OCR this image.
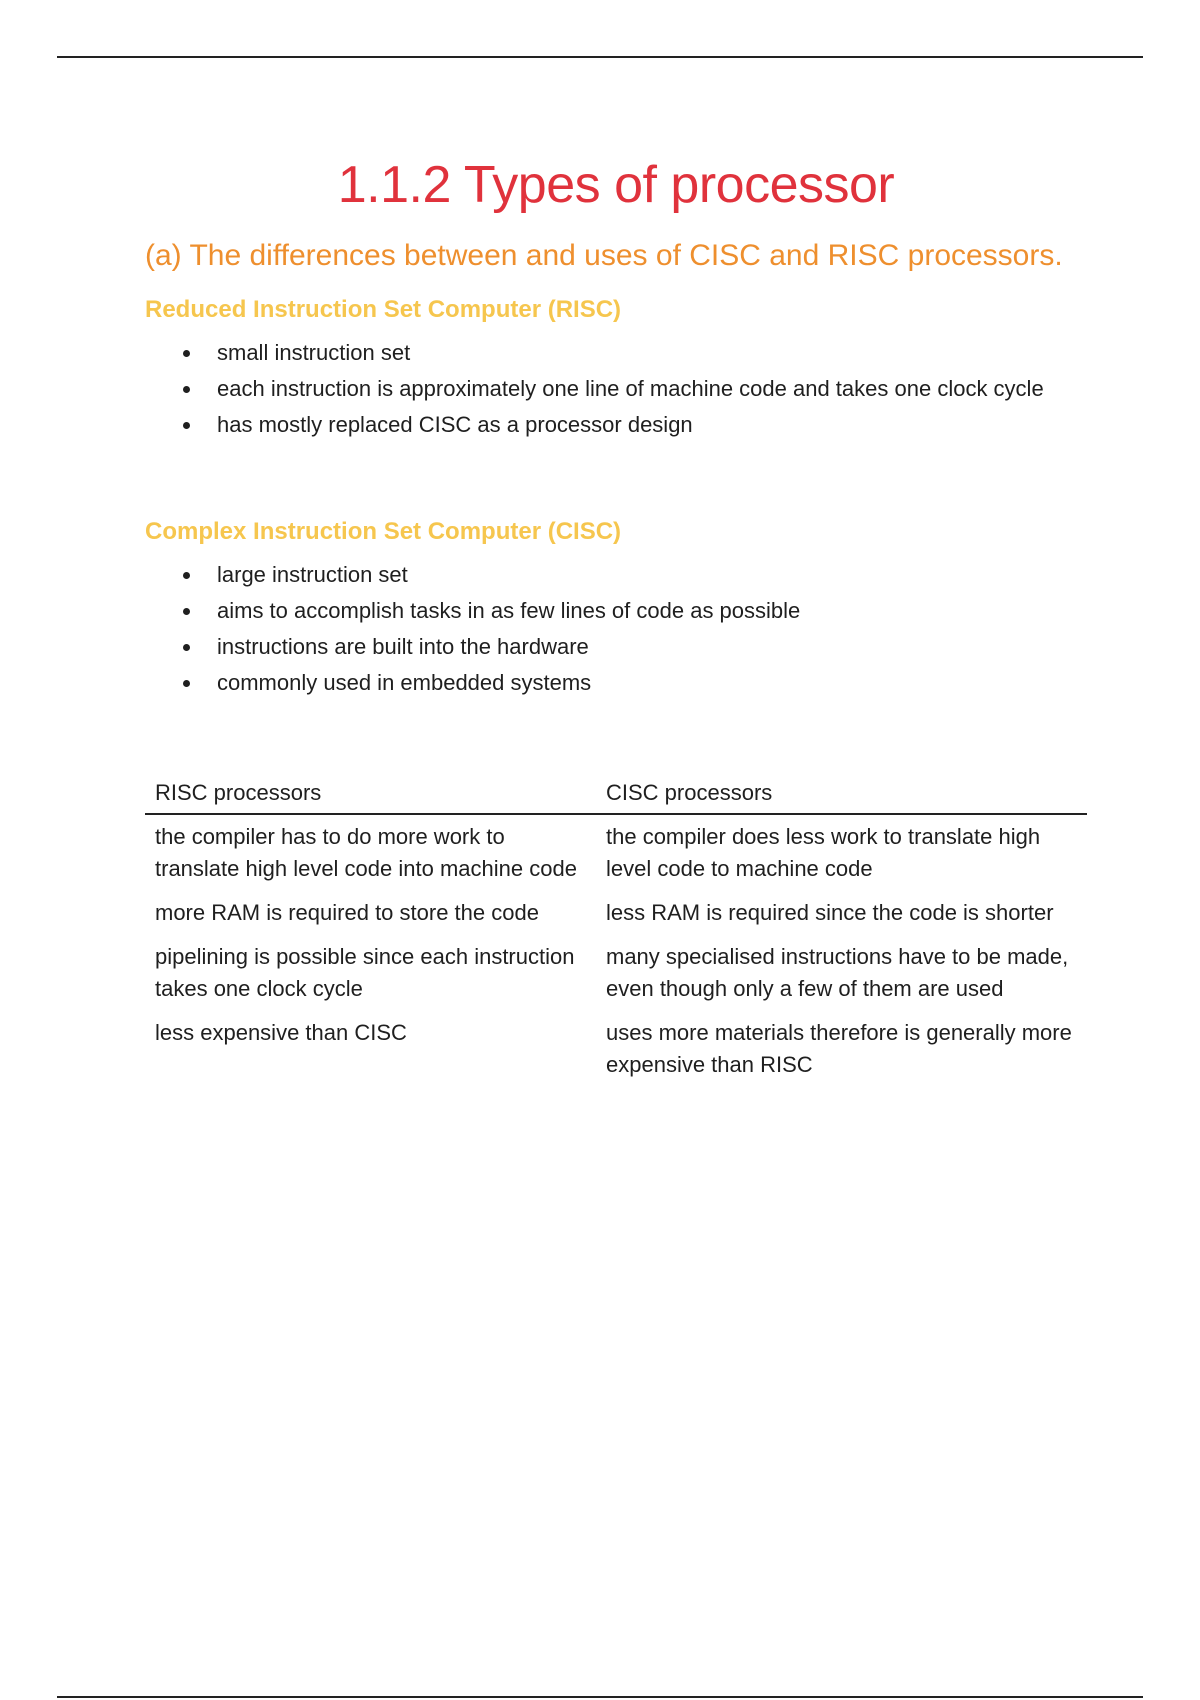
1.1.2 Types of processor
(a) The differences between and uses of CISC and RISC processors.
Reduced Instruction Set Computer (RISC)
small instruction set
each instruction is approximately one line of machine code and takes one clock cycle
has mostly replaced CISC as a processor design
Complex Instruction Set Computer (CISC)
large instruction set
aims to accomplish tasks in as few lines of code as possible
instructions are built into the hardware
commonly used in embedded systems
RISC processors	CISC processors
the compiler has to do more work to translate high level code into machine code	the compiler does less work to translate high level code to machine code
more RAM is required to store the code	less RAM is required since the code is shorter
pipelining is possible since each instruction takes one clock cycle	many specialised instructions have to be made, even though only a few of them are used
less expensive than CISC	uses more materials therefore is generally more expensive than RISC
